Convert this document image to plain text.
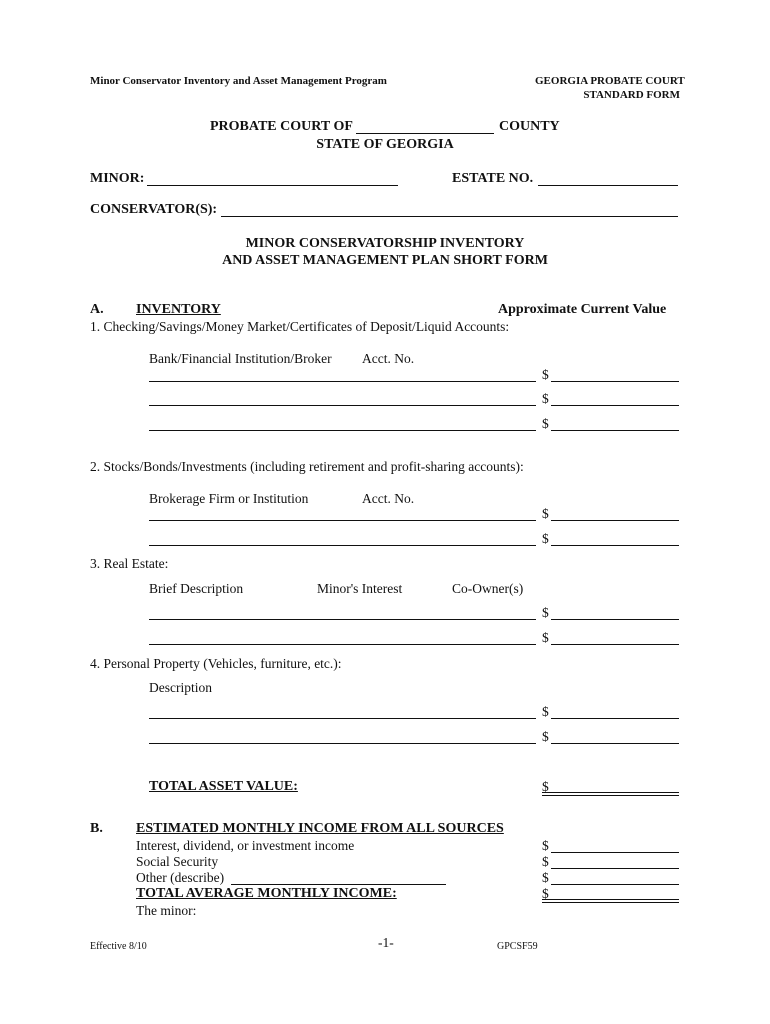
Minor Conservator Inventory and Asset Management Program	GEORGIA PROBATE COURT
STANDARD FORM
PROBATE COURT OF	COUNTY
STATE OF GEORGIA
MINOR:	ESTATE NO.
CONSERVATOR(S):
MINOR CONSERVATORSHIP INVENTORY
AND ASSET MANAGEMENT PLAN SHORT FORM
A. INVENTORY	Approximate Current Value
1. Checking/Savings/Money Market/Certificates of Deposit/Liquid Accounts:
Bank/Financial Institution/Broker Acct. No.
$
$
$
2. Stocks/Bonds/Investments (including retirement and profit-sharing accounts):
Brokerage Firm or Institution	Acct. No.
$
$
3. Real Estate:
Brief Description	Minor's Interest	Co-Owner(s)
$
$
4. Personal Property (Vehicles, furniture, etc.):
Description
$
$
TOTAL ASSET VALUE:	$
B. ESTIMATED MONTHLY INCOME FROM ALL SOURCES
Interest, dividend, or investment income	$
Social Security	$
Other (describe)	$
TOTAL AVERAGE MONTHLY INCOME:	$
The minor:
Effective 8/10	-1-	GPCSF59
